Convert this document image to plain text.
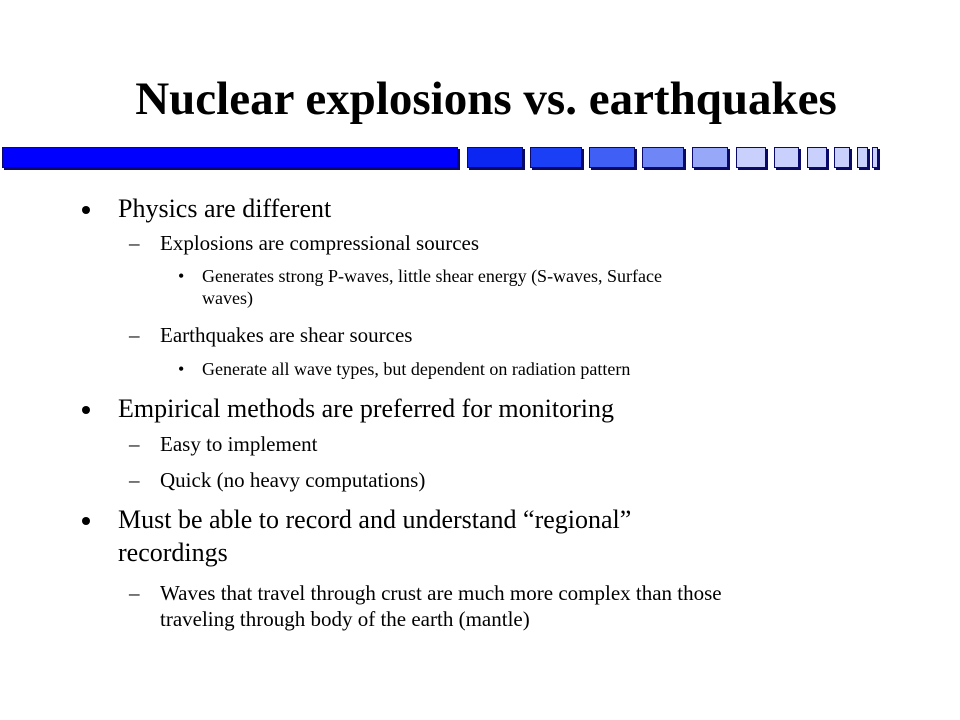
Nuclear explosions vs. earthquakes
Physics are different
– Explosions are compressional sources
• Generates strong P-waves, little shear energy (S-waves, Surface
waves)
– Earthquakes are shear sources
• Generate all wave types, but dependent on radiation pattern
Empirical methods are preferred for monitoring
– Easy to implement
– Quick (no heavy computations)
Must be able to record and understand “regional”
recordings
– Waves that travel through crust are much more complex than those
traveling through body of the earth (mantle)
